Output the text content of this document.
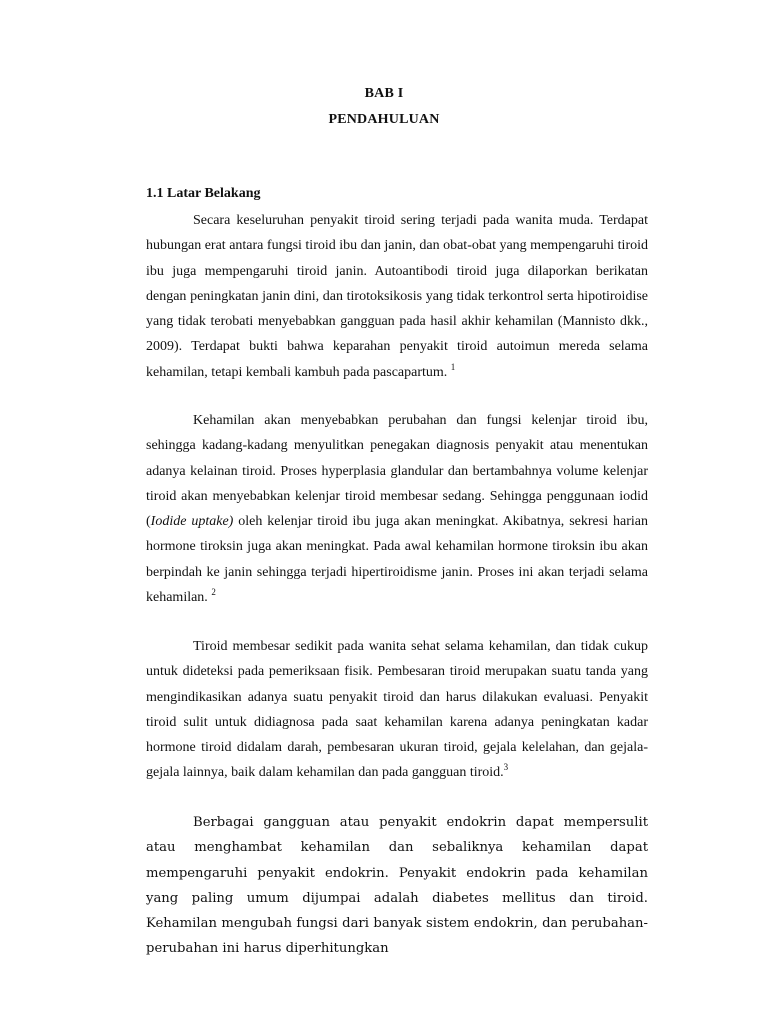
BAB I
PENDAHULUAN
1.1 Latar Belakang

Secara keseluruhan penyakit tiroid sering terjadi pada wanita muda. Terdapat hubungan erat antara fungsi tiroid ibu dan janin, dan obat-obat yang mempengaruhi tiroid ibu juga mempengaruhi tiroid janin. Autoantibodi tiroid juga dilaporkan berikatan dengan peningkatan janin dini, dan tirotoksikosis yang tidak terkontrol serta hipotiroidise yang tidak terobati menyebabkan gangguan pada hasil akhir kehamilan (Mannisto dkk., 2009). Terdapat bukti bahwa keparahan penyakit tiroid autoimun mereda selama kehamilan, tetapi kembali kambuh pada pascapartum. $^1$

Kehamilan akan menyebabkan perubahan dan fungsi kelenjar tiroid ibu, sehingga kadang-kadang menyulitkan penegakan diagnosis penyakit atau menentukan adanya kelainan tiroid. Proses hyperplasia glandular dan bertambahnya volume kelenjar tiroid akan menyebabkan kelenjar tiroid membesar sedang. Sehingga penggunaan iodid (Iodide uptake) oleh kelenjar tiroid ibu juga akan meningkat. Akibatnya, sekresi harian hormone tiroksin juga akan meningkat. Pada awal kehamilan hormone tiroksin ibu akan berpindah ke janin sehingga terjadi hipertiroidisme janin. Proses ini akan terjadi selama kehamilan. $^2$

Tiroid membesar sedikit pada wanita sehat selama kehamilan, dan tidak cukup untuk dideteksi pada pemeriksaan fisik. Pembesaran tiroid merupakan suatu tanda yang mengindikasikan adanya suatu penyakit tiroid dan harus dilakukan evaluasi. Penyakit tiroid sulit untuk didiagnosa pada saat kehamilan karena adanya peningkatan kadar hormone tiroid didalam darah, pembesaran ukuran tiroid, gejala kelelahan, dan gejala-gejala lainnya, baik dalam kehamilan dan pada gangguan tiroid.$^3$

Berbagai gangguan atau penyakit endokrin dapat mempersulit atau menghambat kehamilan dan sebaliknya kehamilan dapat mempengaruhi penyakit endokrin. Penyakit endokrin pada kehamilan yang paling umum dijumpai adalah diabetes mellitus dan tiroid. Kehamilan mengubah fungsi dari banyak sistem endokrin, dan perubahan-perubahan ini harus diperhitungkan
